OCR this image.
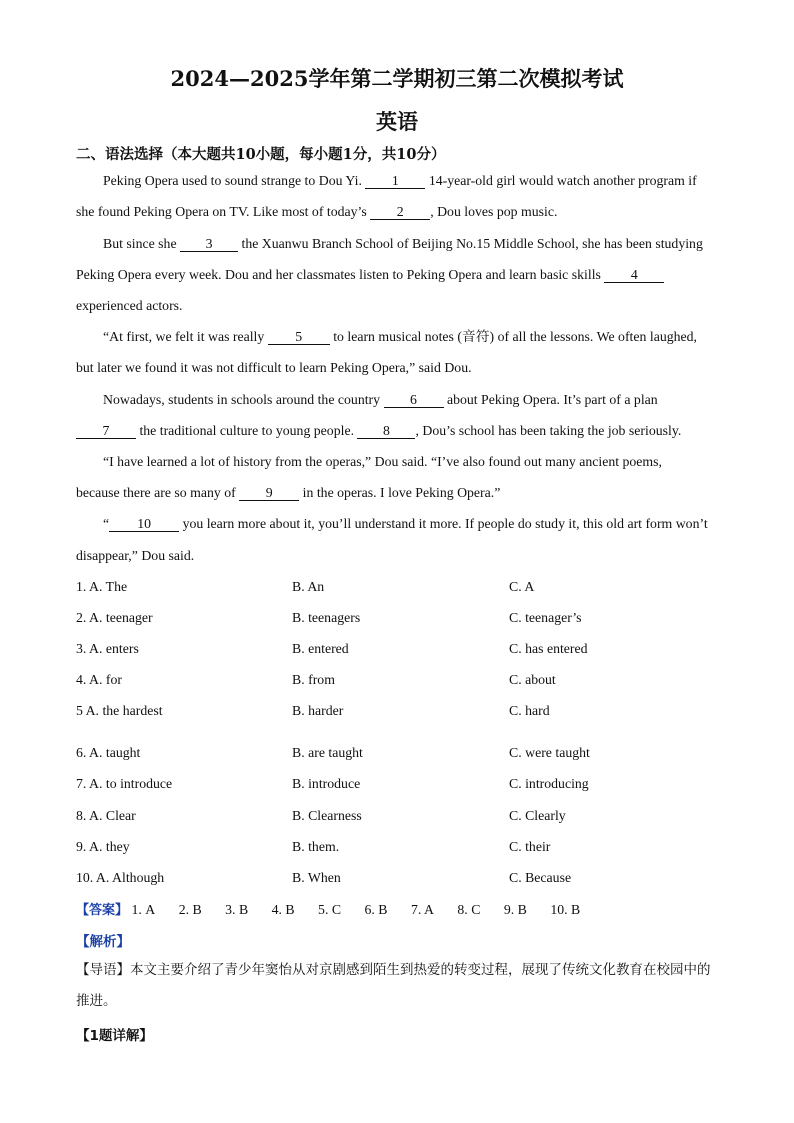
2024—2025学年第二学期初三第二次模拟考试
英语
二、语法选择（本大题共10小题，每小题1分，共10分）
Peking Opera used to sound strange to Dou Yi. 1 14-year-old girl would watch another program if
she found Peking Opera on TV. Like most of today’s 2 , Dou loves pop music.
But since she 3 the Xuanwu Branch School of Beijing No.15 Middle School, she has been studying
Peking Opera every week. Dou and her classmates listen to Peking Opera and learn basic skills 4
experienced actors.
“At first, we felt it was really 5 to learn musical notes (音符) of all the lessons. We often laughed,
but later we found it was not difficult to learn Peking Opera,” said Dou.
Nowadays, students in schools around the country 6 about Peking Opera. It’s part of a plan
7 the traditional culture to young people. 8 , Dou’s school has been taking the job seriously.
“I have learned a lot of history from the operas,” Dou said. “I’ve also found out many ancient poems,
because there are so many of 9 in the operas. I love Peking Opera.”
“ 10 you learn more about it, you’ll understand it more. If people do study it, this old art form won’t
disappear,” Dou said.
1. A. The	B. An	C. A
2. A. teenager	B. teenagers	C. teenager’s
3. A. enters	B. entered	C. has entered
4. A. for	B. from	C. about
5 A. the hardest	B. harder	C. hard
6. A. taught	B. are taught	C. were taught
7. A. to introduce	B. introduce	C. introducing
8. A. Clear	B. Clearness	C. Clearly
9. A. they	B. them.	C. their
10. A. Although	B. When	C. Because
【答案】 1. A 2. B 3. B 4. B 5. C 6. B 7. A 8. C 9. B 10. B
【解析】
【导语】本文主要介绍了青少年窦怡从对京剧感到陌生到热爱的转变过程，展现了传统文化教育在校园中的推进。
【1题详解】
